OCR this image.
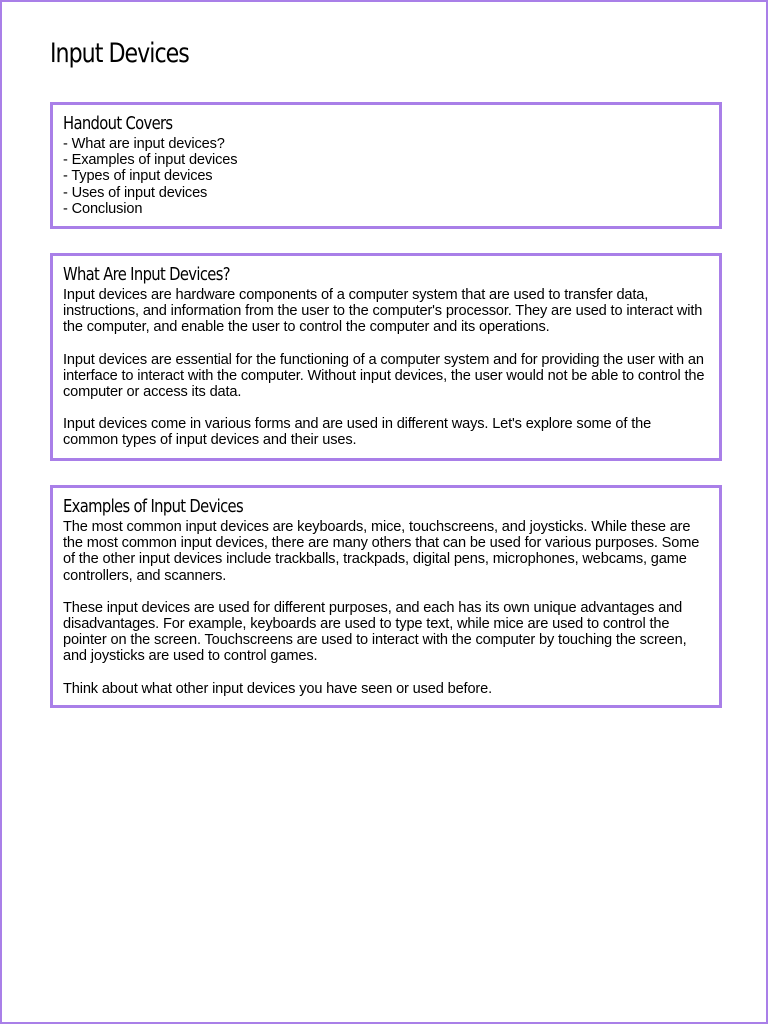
Input Devices
Handout Covers
- What are input devices?
- Examples of input devices
- Types of input devices
- Uses of input devices
- Conclusion
What Are Input Devices?

Input devices are hardware components of a computer system that are used to transfer data, instructions, and information from the user to the computer's processor. They are used to interact with the computer, and enable the user to control the computer and its operations.

Input devices are essential for the functioning of a computer system and for providing the user with an interface to interact with the computer. Without input devices, the user would not be able to control the computer or access its data.

Input devices come in various forms and are used in different ways. Let's explore some of the common types of input devices and their uses.

Examples of Input Devices

The most common input devices are keyboards, mice, touchscreens, and joysticks. While these are the most common input devices, there are many others that can be used for various purposes. Some of the other input devices include trackballs, trackpads, digital pens, microphones, webcams, game controllers, and scanners.

These input devices are used for different purposes, and each has its own unique advantages and disadvantages. For example, keyboards are used to type text, while mice are used to control the pointer on the screen. Touchscreens are used to interact with the computer by touching the screen, and joysticks are used to control games.

Think about what other input devices you have seen or used before.
